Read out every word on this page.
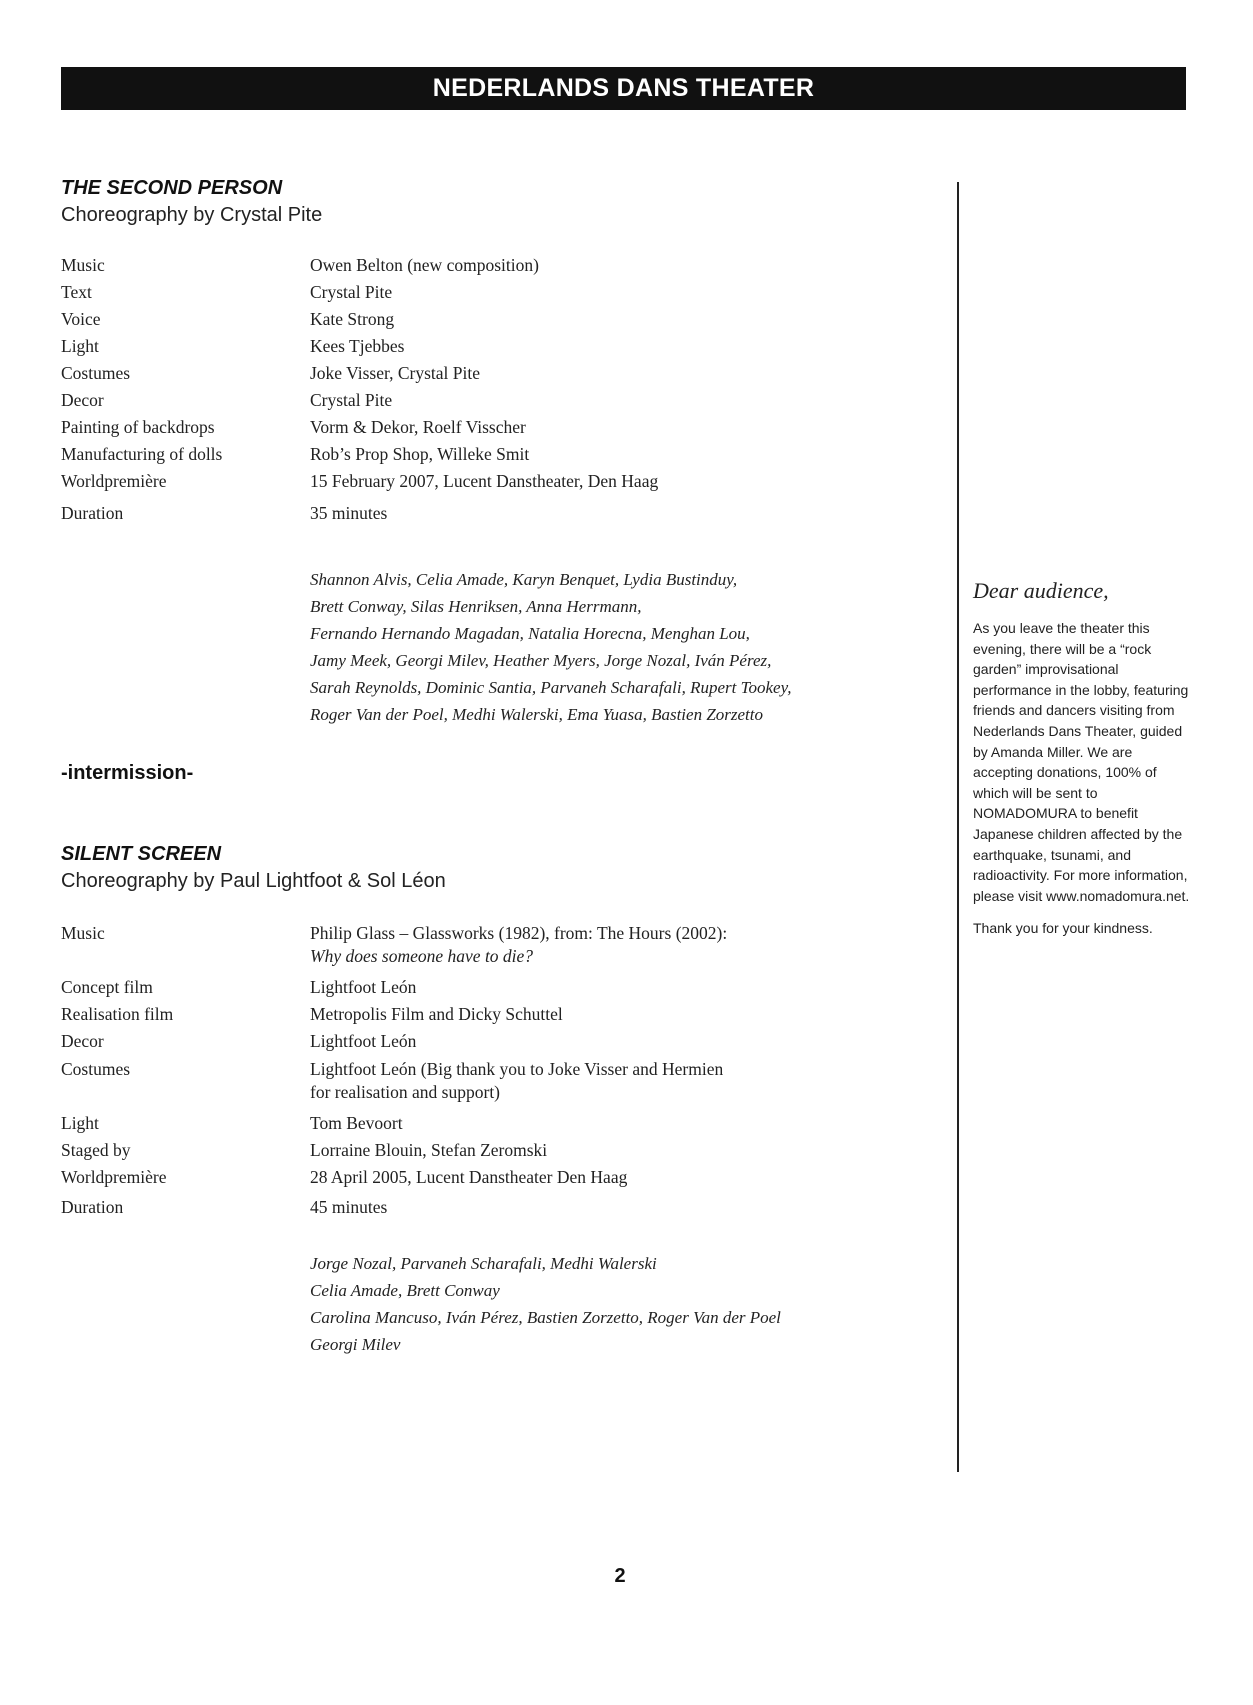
NEDERLANDS DANS THEATER
THE SECOND PERSON
Choreography by Crystal Pite
Music	Owen Belton (new composition)
Text	Crystal Pite
Voice	Kate Strong
Light	Kees Tjebbes
Costumes	Joke Visser, Crystal Pite
Decor	Crystal Pite
Painting of backdrops	Vorm & Dekor, Roelf Visscher
Manufacturing of dolls	Rob’s Prop Shop, Willeke Smit
Worldpremière	15 February 2007, Lucent Danstheater, Den Haag
Duration	35 minutes
Shannon Alvis, Celia Amade, Karyn Benquet, Lydia Bustinduy,
Brett Conway, Silas Henriksen, Anna Herrmann,
Fernando Hernando Magadan, Natalia Horecna, Menghan Lou,
Jamy Meek, Georgi Milev, Heather Myers, Jorge Nozal, Iván Pérez,
Sarah Reynolds, Dominic Santia, Parvaneh Scharafali, Rupert Tookey,
Roger Van der Poel, Medhi Walerski, Ema Yuasa, Bastien Zorzetto
-intermission-
SILENT SCREEN
Choreography by Paul Lightfoot & Sol Léon
Music	Philip Glass – Glassworks (1982), from: The Hours (2002):
Why does someone have to die?
Concept film	Lightfoot León
Realisation film	Metropolis Film and Dicky Schuttel
Decor	Lightfoot León
Costumes	Lightfoot León (Big thank you to Joke Visser and Hermien
for realisation and support)
Light	Tom Bevoort
Staged by	Lorraine Blouin, Stefan Zeromski
Worldpremière	28 April 2005, Lucent Danstheater Den Haag
Duration	45 minutes
Jorge Nozal, Parvaneh Scharafali, Medhi Walerski
Celia Amade, Brett Conway
Carolina Mancuso, Iván Pérez, Bastien Zorzetto, Roger Van der Poel
Georgi Milev
Dear audience,
As you leave the theater this evening, there will be a “rock garden” improvisational performance in the lobby, featuring friends and dancers visiting from Nederlands Dans Theater, guided by Amanda Miller. We are accepting donations, 100% of which will be sent to NOMADOMURA to benefit Japanese children affected by the earthquake, tsunami, and radioactivity. For more information, please visit www.nomadomura.net.
Thank you for your kindness.
2
